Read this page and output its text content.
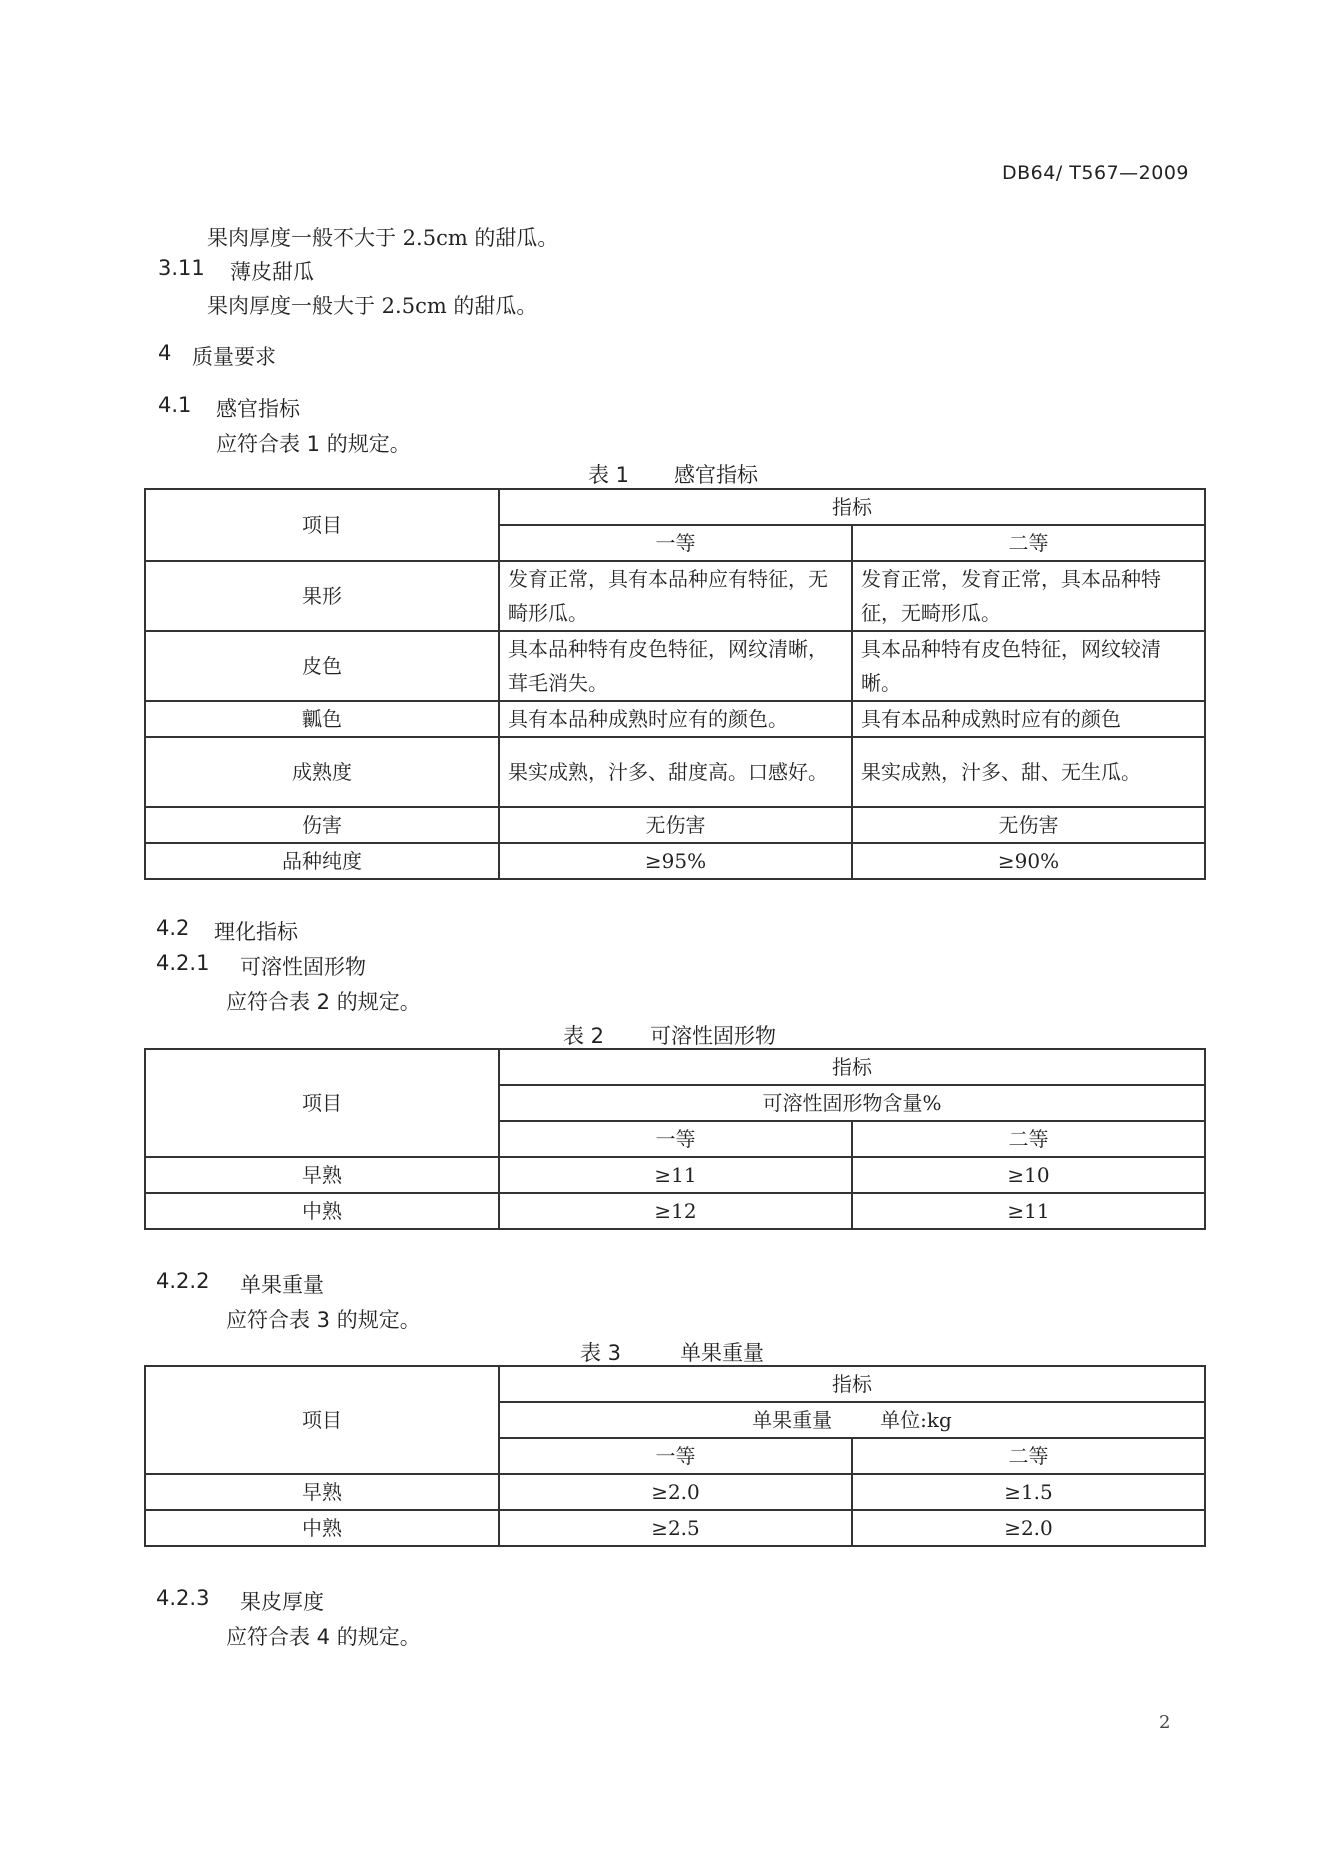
DB64/ T567—2009
果肉厚度一般不大于 2.5cm 的甜瓜。
3.11 薄皮甜瓜
果肉厚度一般大于 2.5cm 的甜瓜。
4 质量要求
4.1 感官指标
应符合表 1 的规定。
表 1 感官指标
项目	指标	
	一等	二等
果形	发育正常，具有本品种应有特征，无畸形瓜。	发育正常，发育正常，具本品种特征，无畸形瓜。
皮色	具本品种特有皮色特征，网纹清晰，茸毛消失。	具本品种特有皮色特征，网纹较清晰。
瓤色	具有本品种成熟时应有的颜色。	具有本品种成熟时应有的颜色
成熟度	果实成熟，汁多、甜度高。口感好。	果实成熟，汁多、甜、无生瓜。
伤害	无伤害	无伤害
品种纯度	≥95%	≥90%
4.2 理化指标
4.2.1 可溶性固形物
应符合表 2 的规定。
表 2 可溶性固形物
项目	指标	
	可溶性固形物含量%	
	一等	二等
早熟	≥11	≥10
中熟	≥12	≥11
4.2.2 单果重量
应符合表 3 的规定。
表 3	单果重量
项目	指标	
	单果重量 单位:kg	
	一等	二等
早熟	≥2.0	≥1.5
中熟	≥2.5	≥2.0
4.2.3 果皮厚度
应符合表 4 的规定。
2
